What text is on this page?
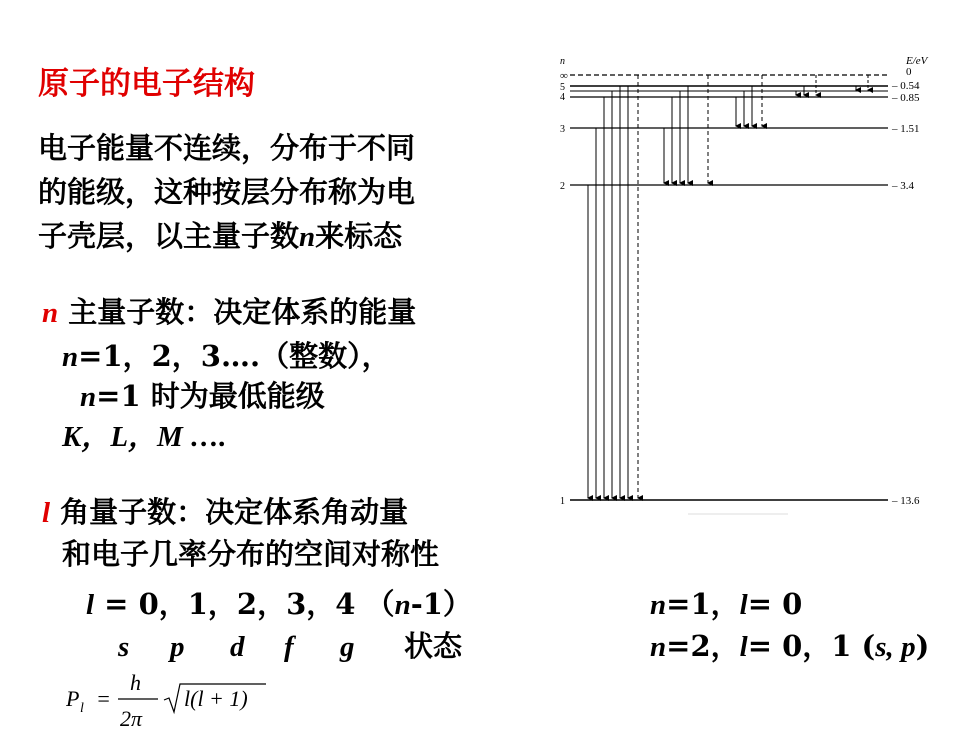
原子的电子结构
电子能量不连续，分布于不同
的能级，这种按层分布称为电
子壳层，以主量子数n来标态
n 主量子数：决定体系的能量
n=1，2，3….（整数），
n=1 时为最低能级
K，L，M ….
l 角量子数：决定体系角动量
和电子几率分布的空间对称性
l = 0，1，2，3，4 （n-1）
s p d f g 状态
P l =
h
2π
l(l + 1)
n=1，l= 0
n=2，l= 0，1 (s, p)
n	E/eV
∞
5
4
3
2
1
0
– 0.54
– 0.85
– 1.51
– 3.4
– 13.6
